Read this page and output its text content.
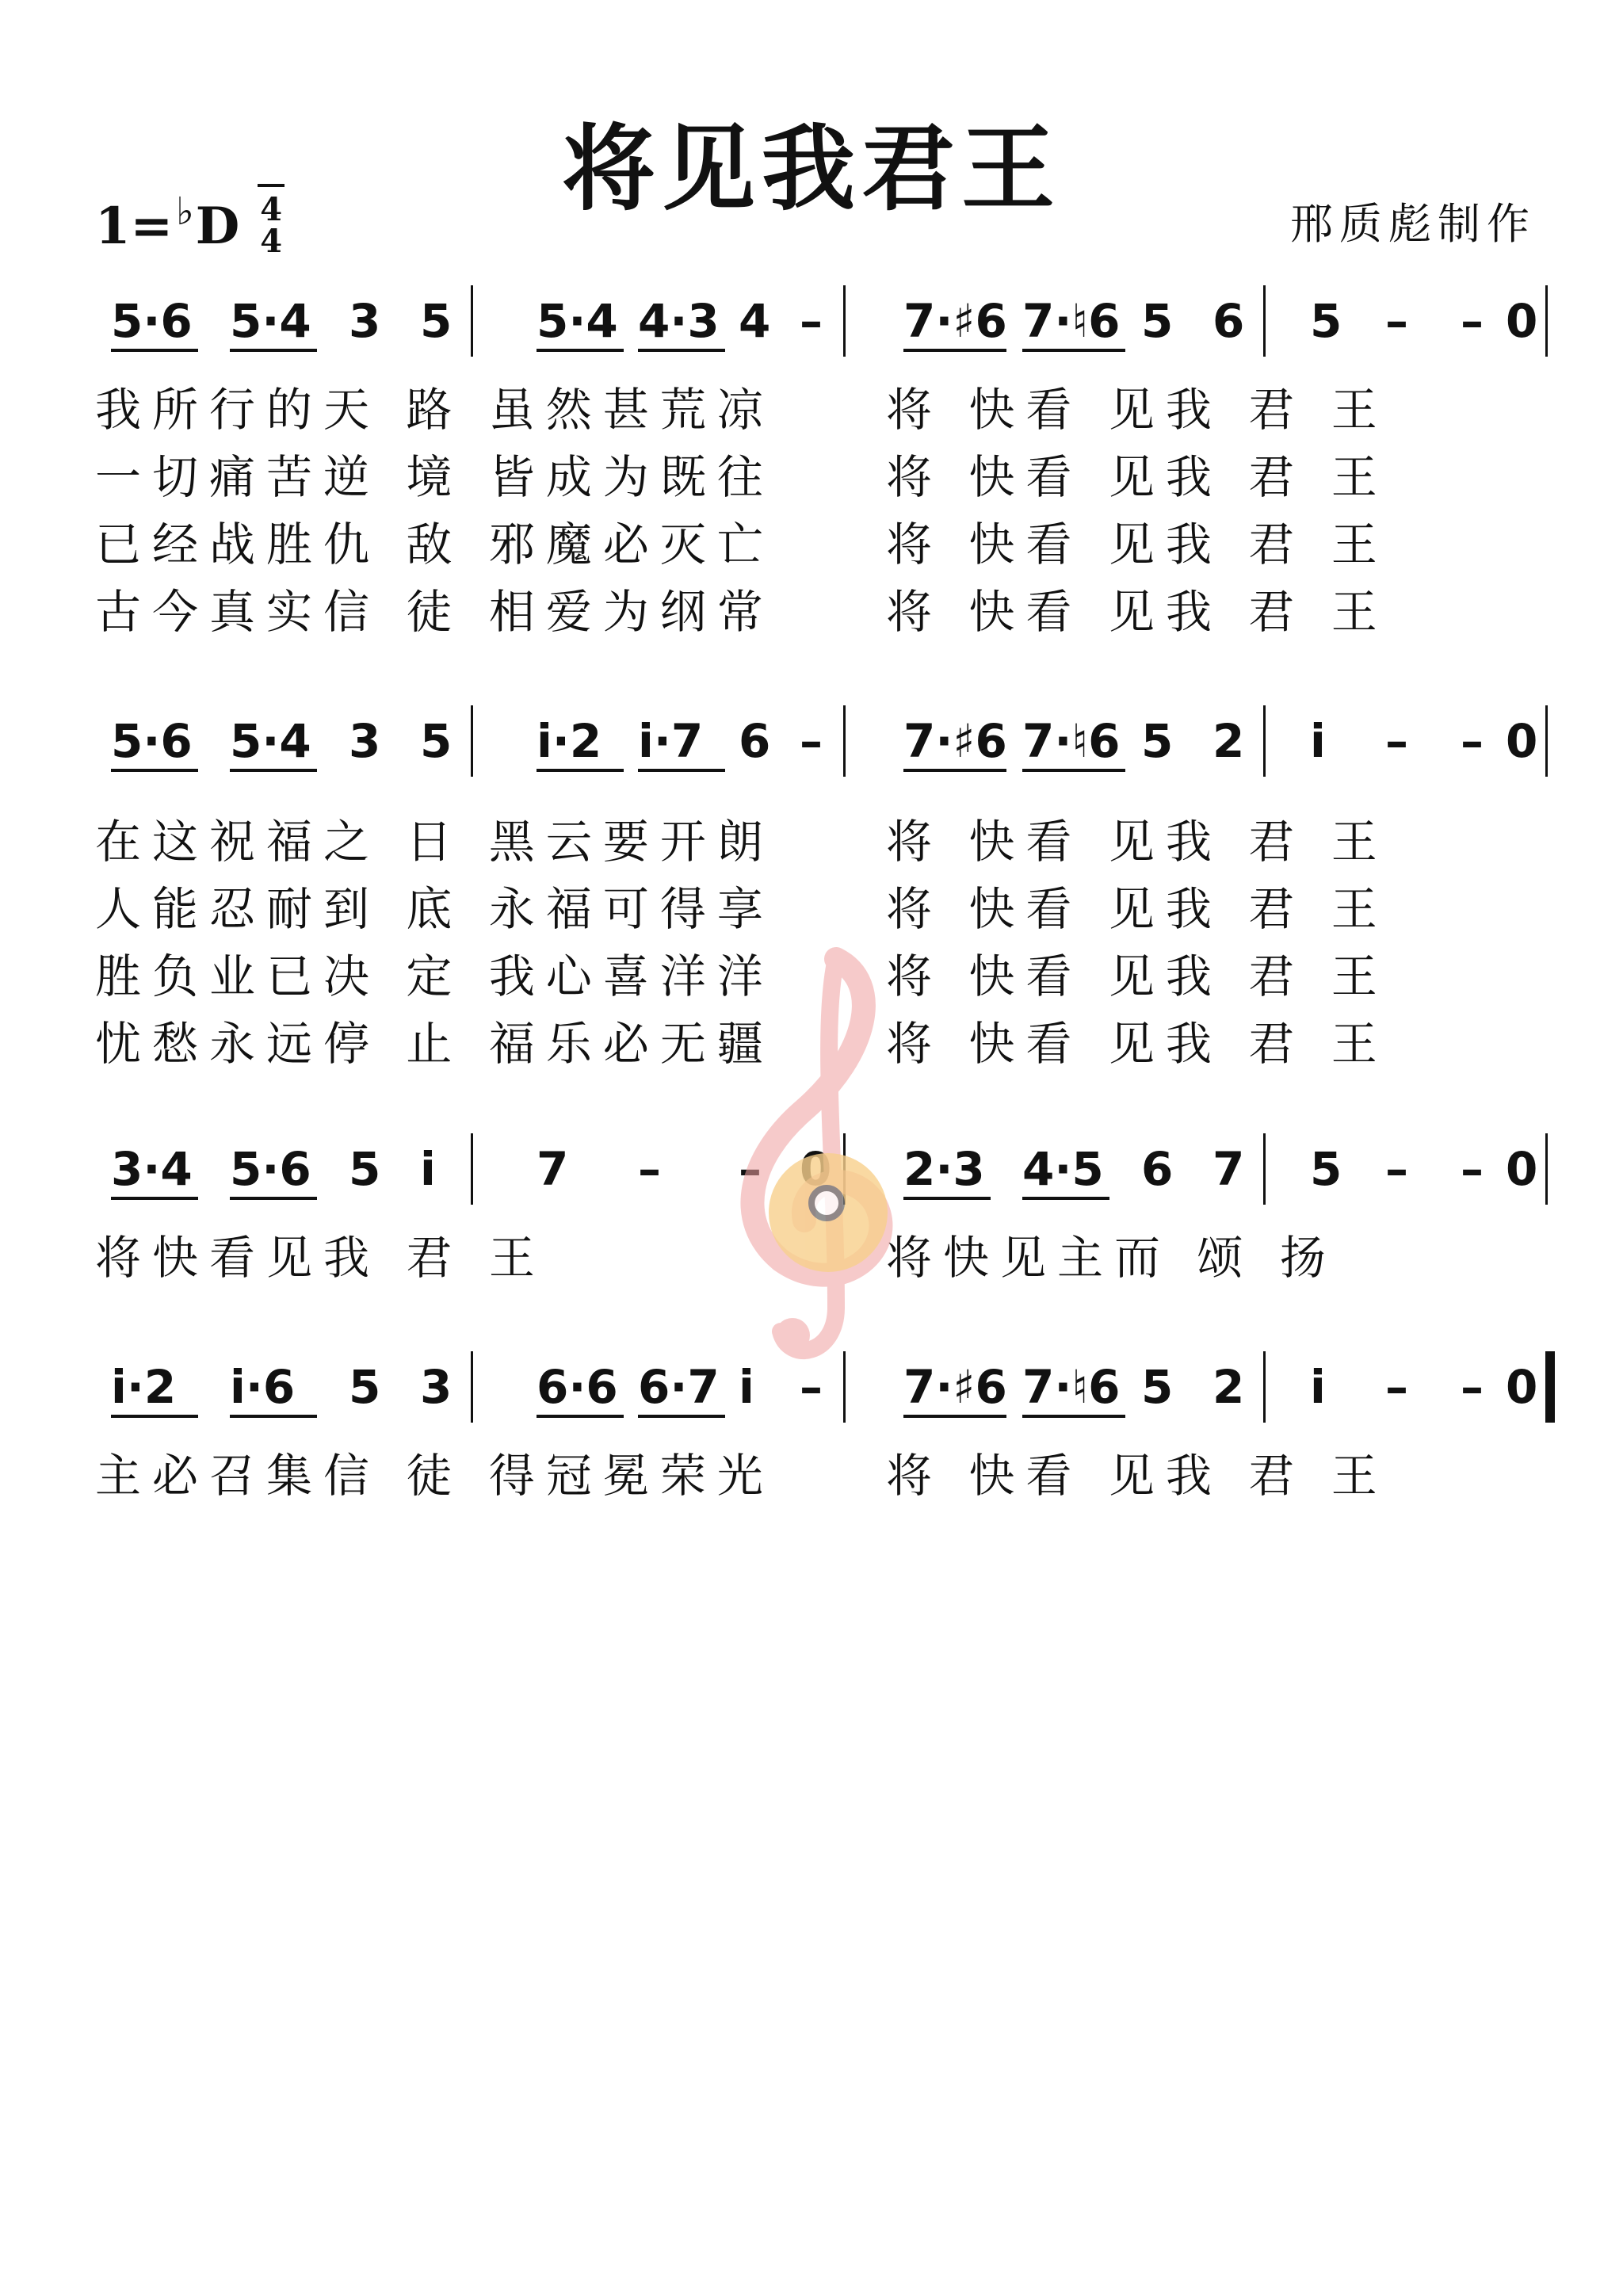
将见我君王
1 = ♭ D 4
4	邢质彪制作
5·6 5·4 3 5 5·4 4·3 4 – 7·♯6 7·♮6 5 6 5 – – 0
我所行的天 路 虽然甚荒凉 将 快看 见我 君 王
一切痛苦逆 境 皆成为既往 将 快看 见我 君 王
已经战胜仇 敌 邪魔必灭亡 将 快看 见我 君 王
古今真实信 徒 相爱为纲常 将 快看 见我 君 王
5·6 5·4 3 5 i·2 i·7 6 – 7·♯6 7·♮6 5 2 i – – 0
在这祝福之 日 黑云要开朗 将 快看 见我 君 王
人能忍耐到 底 永福可得享 将 快看 见我 君 王
胜负业已决 定 我心喜洋洋 将 快看 见我 君 王
忧愁永远停 止 福乐必无疆 将 快看 见我 君 王
3·4 5·6 5 i 7 – –	2·3 4·5 6 7 5 – – 0
将快看见我 君 王	将快见主而 颂 扬
i·2 i·6 5 3 6·6 6·7 i – 7·♯6 7·♮6 5 2 i – – 0
主必召集信 徒 得冠冕荣光 将 快看 见我 君 王
